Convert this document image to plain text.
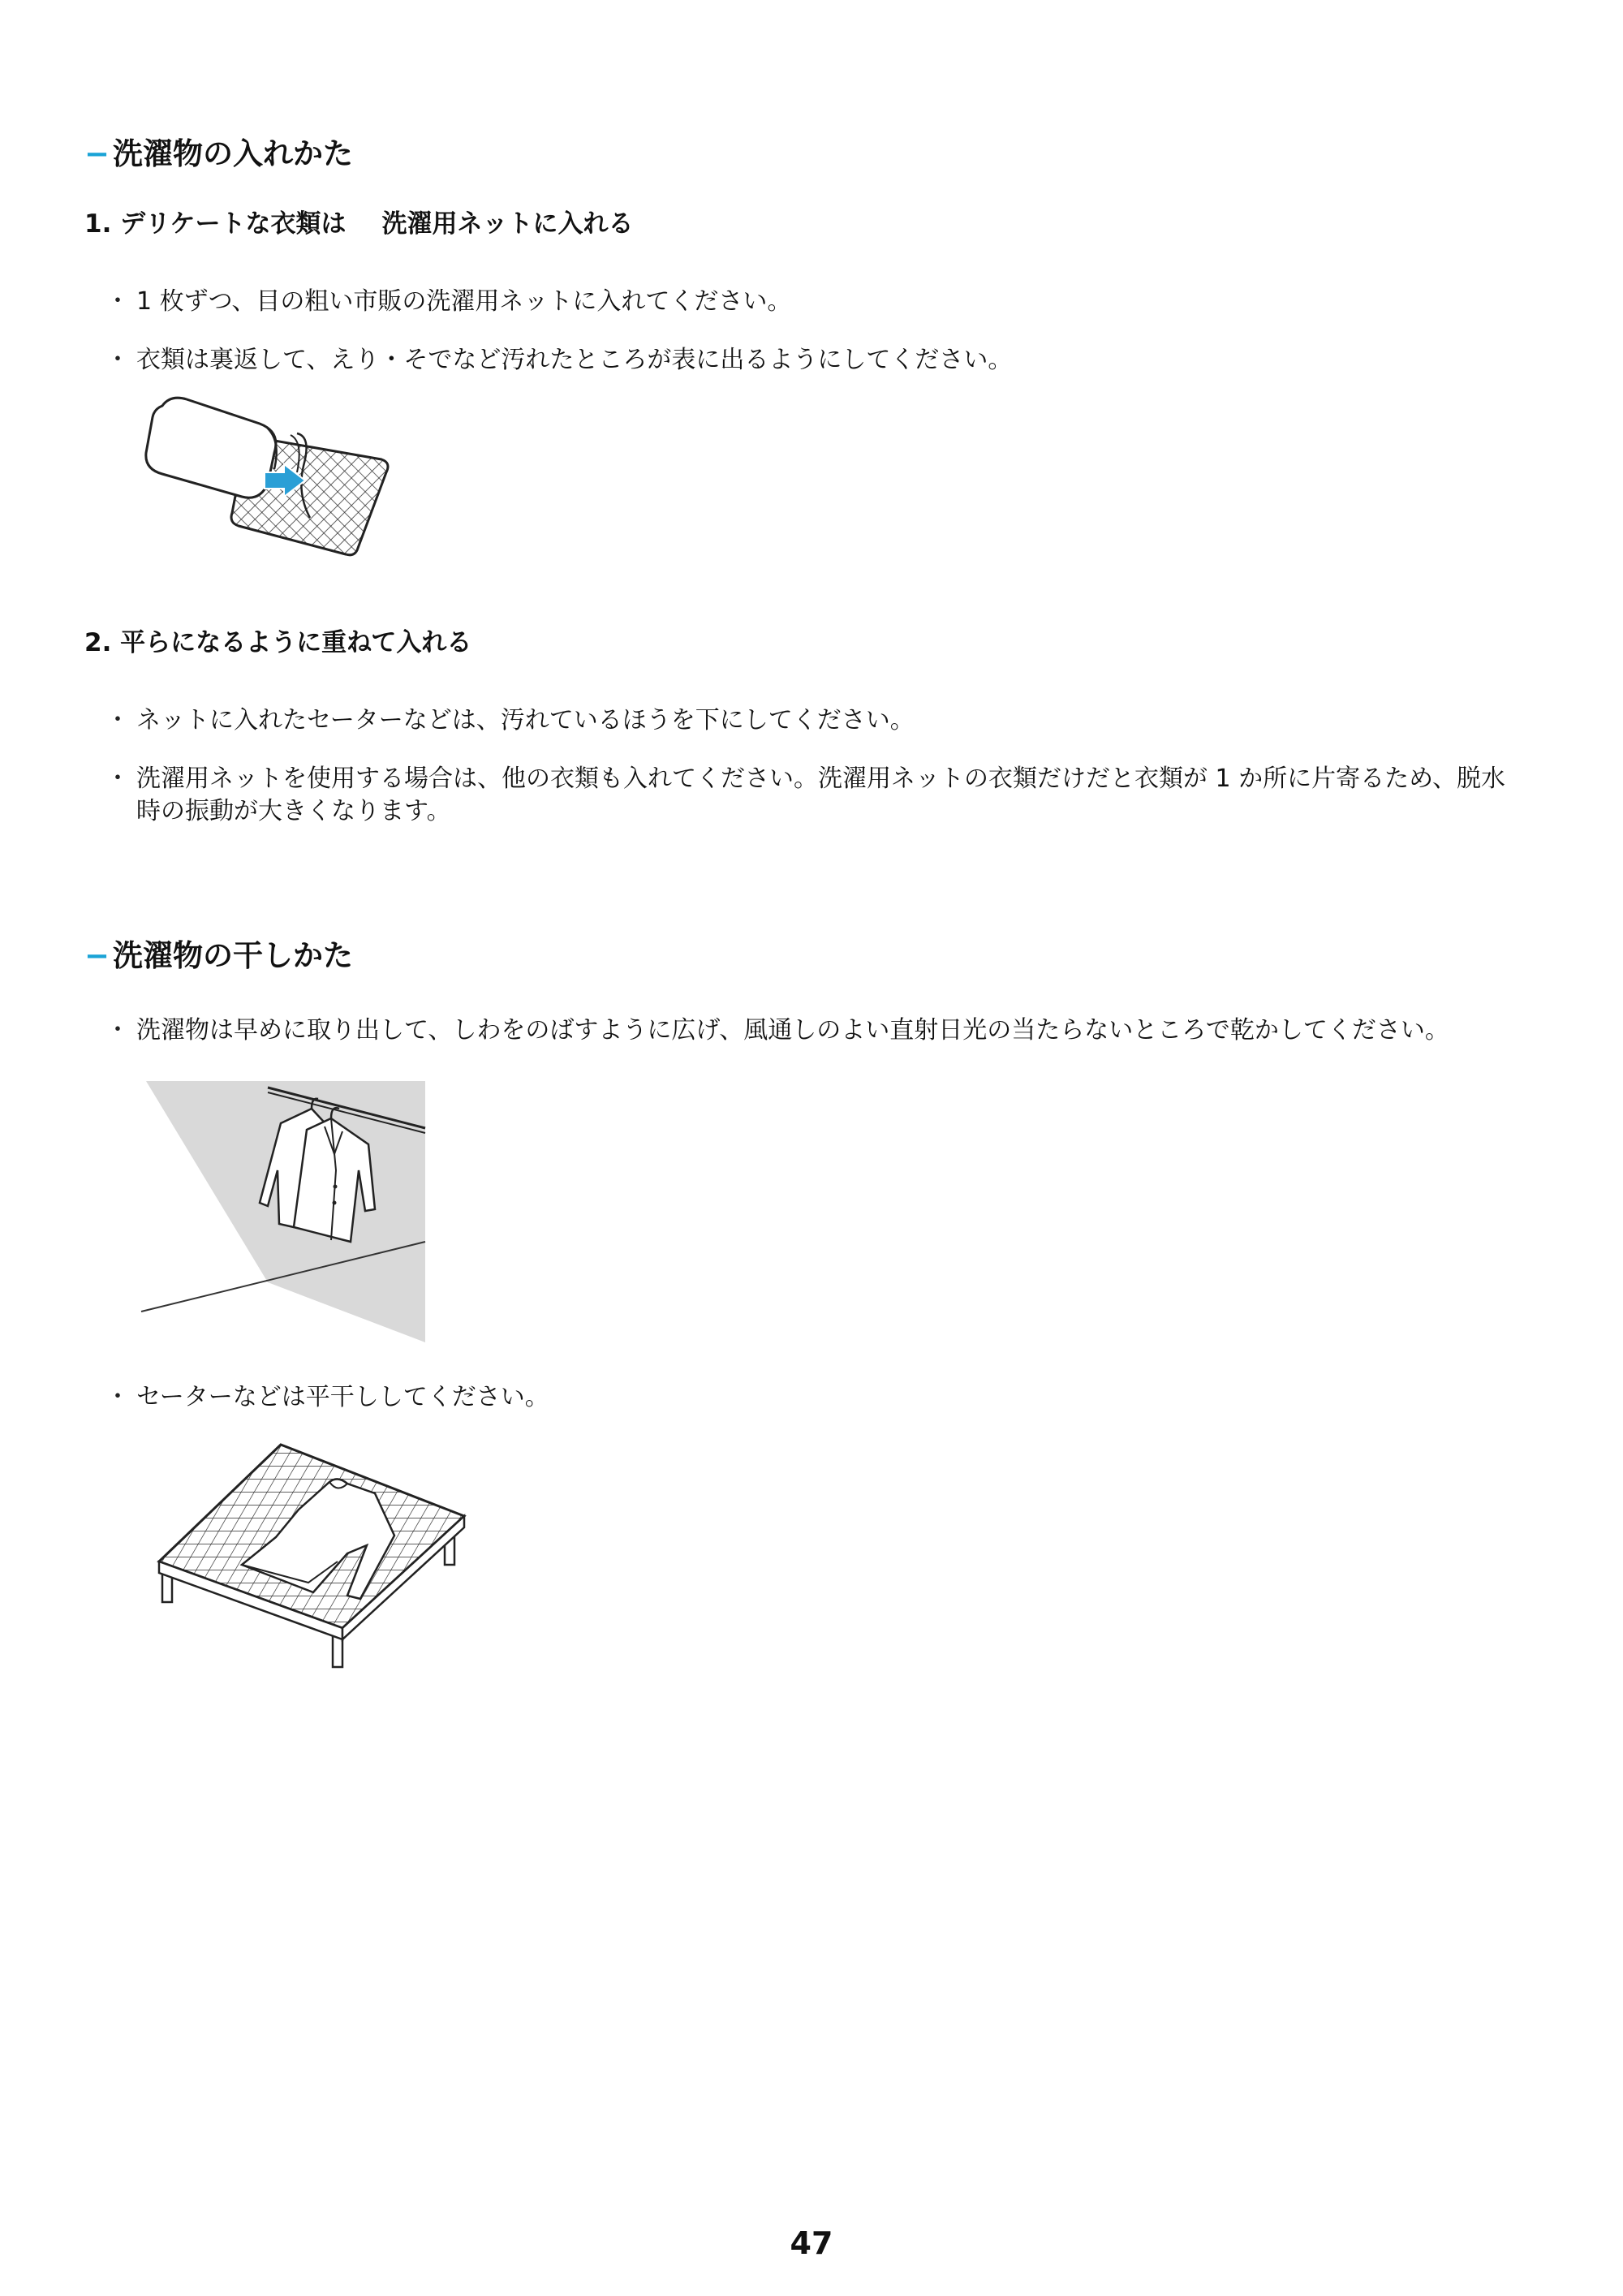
− 洗濯物の入れかた
1. デリケートな衣類は 洗濯用ネットに入れる

・ 1 枚ずつ、目の粗い市販の洗濯用ネットに入れてください。

・ 衣類は裏返して、えり・そでなど汚れたところが表に出るようにしてください。

2. 平らになるように重ねて入れる

・ ネットに入れたセーターなどは、汚れているほうを下にしてください。

・ 洗濯用ネットを使用する場合は、他の衣類も入れてください。洗濯用ネットの衣類だけだと衣類が 1 か所に片寄るため、脱水時の振動が大きくなります。

− 洗濯物の干しかた

・ 洗濯物は早めに取り出して、しわをのばすように広げ、風通しのよい直射日光の当たらないところで乾かしてください。

・ セーターなどは平干ししてください。

47
